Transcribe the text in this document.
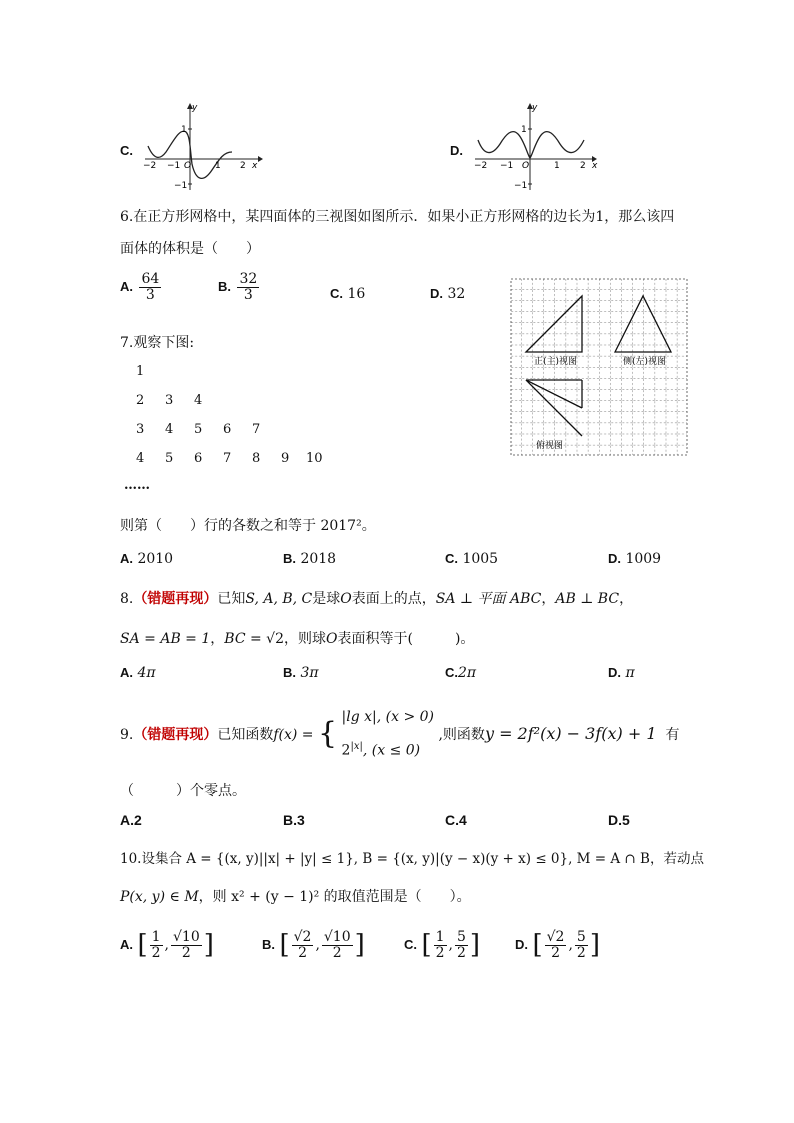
C.
y
1
−1
x
−2 −1 O	1 2
D.
y
1
−1
x
−2 −1 O	1 2
6.在正方形网格中，某四面体的三视图如图所示．如果小正方形网格的边长为1，那么该四
面体的体积是（　　）
A. $\frac{64}{3}$	B. $\frac{32}{3}$	C. 16	D. 32
正(主)视图	侧(左)视图
俯视图
7.观察下图:
1
2 3 4
3 4 5 6 7
4 5 6 7 8 9 10
……
则第（　　）行的各数之和等于 2017²。
A. 2010	B. 2018	C. 1005	D. 1009
8.（错题再现）已知S, A, B, C是球O表面上的点，SA ⊥ 平面 ABC，AB ⊥ BC，
SA = AB = 1，BC = √2，则球O表面积等于(　　　)。
A. 4π	B. 3π	C.2π	D. π
9.（错题再现）已知函数f(x) = { |lg x|, (x > 0)
$2^{|x|}$, (x ≤ 0)
,则函数y = 2f²(x) − 3f(x) + 1 有
（　　　）个零点。
A.2	B.3	C.4	D.5
10.设集合 A = {(x, y)||x| + |y| ≤ 1}, B = {(x, y)|(y − x)(y + x) ≤ 0}, M = A ∩ B，若动点
P(x, y) ∈ M，则 x² + (y − 1)² 的取值范围是（　　）。
A. [ $\frac{1}{2}$ , $\frac{√10}{2}$ ]	B. [ $\frac{√2}{2}$ , $\frac{√10}{2}$ ]	C. [ $\frac{1}{2}$ , $\frac{5}{2}$ ]	D. [ $\frac{√2}{2}$ , $\frac{5}{2}$ ]
